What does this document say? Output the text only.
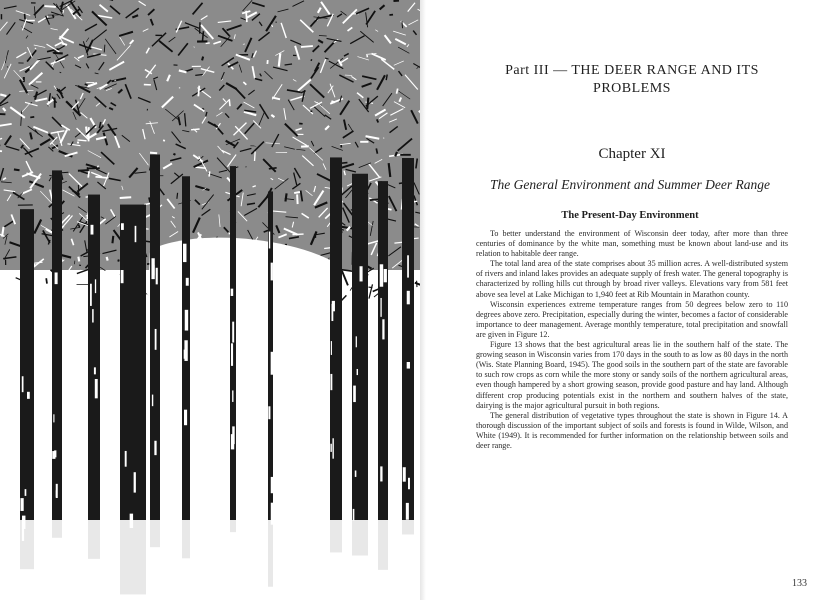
Part III — THE DEER RANGE AND ITS PROBLEMS
Chapter XI
The General Environment and Summer Deer Range
The Present-Day Environment

To better understand the environment of Wisconsin deer today, after more than three centuries of dominance by the white man, something must be known about land-use and its relation to habitable deer range.

The total land area of the state comprises about 35 million acres. A well-distributed system of rivers and inland lakes provides an adequate supply of fresh water. The general topography is characterized by rolling hills cut through by broad river valleys. Elevations vary from 581 feet above sea level at Lake Michigan to 1,940 feet at Rib Mountain in Marathon county.

Wisconsin experiences extreme temperature ranges from 50 degrees below zero to 110 degrees above zero. Precipitation, especially during the winter, becomes a factor of considerable importance to deer management. Average monthly temperature, total precipitation and snowfall are given in Figure 12.

Figure 13 shows that the best agricultural areas lie in the southern half of the state. The growing season in Wisconsin varies from 170 days in the south to as low as 80 days in the north (Wis. State Planning Board, 1945). The good soils in the southern part of the state are favorable to such row crops as corn while the more stony or sandy soils of the northern agricultural areas, even though hampered by a short growing season, provide good pasture and hay land. Although different crop producing potentials exist in the northern and southern halves of the state, dairying is the major agricultural pursuit in both regions.

The general distribution of vegetative types throughout the state is shown in Figure 14. A thorough discussion of the important subject of soils and forests is found in Wilde, Wilson, and White (1949). It is recommended for further information on the relationship between soils and deer range.

133
